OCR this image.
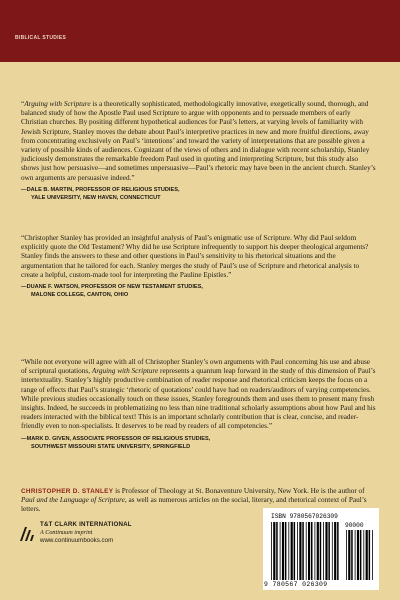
BIBLICAL STUDIES

“Arguing with Scripture is a theoretically sophisticated, methodologically innovative, exegetically sound, thorough, and balanced study of how the Apostle Paul used Scripture to argue with opponents and to persuade members of early Christian churches. By positing different hypothetical audiences for Paul’s letters, at varying levels of familiarity with Jewish Scripture, Stanley moves the debate about Paul’s interpretive practices in new and more fruitful directions, away from concentrating exclusively on Paul’s ‘intentions’ and toward the variety of interpretations that are possible given a variety of possible kinds of audiences. Cognizant of the views of others and in dialogue with recent scholarship, Stanley judiciously demonstrates the remarkable freedom Paul used in quoting and interpreting Scripture, but this study also shows just how persuasive—and sometimes unpersuasive—Paul’s rhetoric may have been in the ancient church. Stanley’s own arguments are persuasive indeed.”

—DALE B. MARTIN, PROFESSOR OF RELIGIOUS STUDIES,
YALE UNIVERSITY, NEW HAVEN, CONNECTICUT

“Christopher Stanley has provided an insightful analysis of Paul’s enigmatic use of Scripture. Why did Paul seldom explicitly quote the Old Testament? Why did he use Scripture infrequently to support his deeper theological arguments? Stanley finds the answers to these and other questions in Paul’s sensitivity to his rhetorical situations and the argumentation that he tailored for each. Stanley merges the study of Paul’s use of Scripture and rhetorical analysis to create a helpful, custom-made tool for interpreting the Pauline Epistles.”

—DUANE F. WATSON, PROFESSOR OF NEW TESTAMENT STUDIES,
MALONE COLLEGE, CANTON, OHIO

“While not everyone will agree with all of Christopher Stanley’s own arguments with Paul concerning his use and abuse of scriptural quotations, Arguing with Scripture represents a quantum leap forward in the study of this dimension of Paul’s intertextuality. Stanley’s highly productive combination of reader response and rhetorical criticism keeps the focus on a range of effects that Paul’s strategic ‘rhetoric of quotations’ could have had on readers/auditors of varying competencies. While previous studies occasionally touch on these issues, Stanley foregrounds them and uses them to present many fresh insights. Indeed, he succeeds in problematizing no less than nine traditional scholarly assumptions about how Paul and his readers interacted with the biblical text! This is an important scholarly contribution that is clear, concise, and reader-friendly even to non-specialists. It deserves to be read by readers of all competencies.”

—MARK D. GIVEN, ASSOCIATE PROFESSOR OF RELIGIOUS STUDIES,
SOUTHWEST MISSOURI STATE UNIVERSITY, SPRINGFIELD
CHRISTOPHER D. STANLEY is Professor of Theology at St. Bonaventure University, New York. He is the author of Paul and the Language of Scripture, as well as numerous articles on the social, literary, and rhetorical context of Paul’s letters.
T&T CLARK INTERNATIONAL
A Continuum imprint
www.continuumbooks.com
ISBN 9780567026309
90000
9 780567 026309
